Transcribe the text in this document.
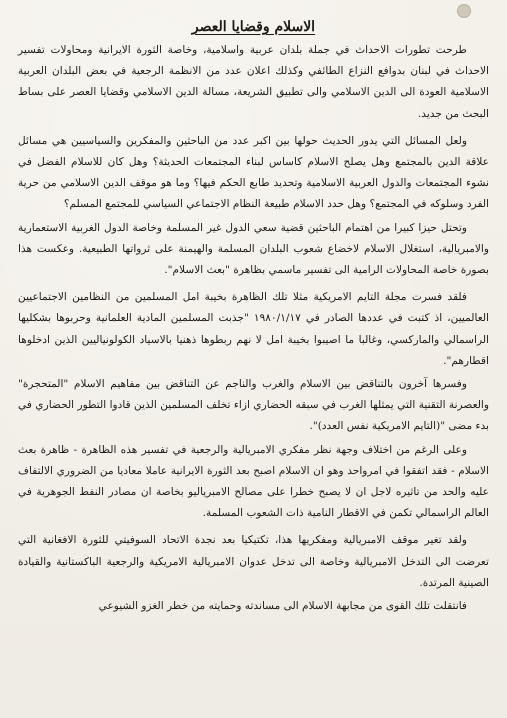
الاسلام وقضايا العصر

طرحت تطورات الاحداث في جملة بلدان عربية واسلامية، وخاصة الثورة الايرانية ومحاولات تفسير الاحداث في لبنان بدوافع النزاع الطائفي وكذلك اعلان عدد من الانظمة الرجعية في بعض البلدان العربية الاسلامية العودة الى الدين الاسلامي والى تطبيق الشريعة، مسالة الدين الاسلامي وقضايا العصر على بساط البحث من جديد.

ولعل المسائل التي يدور الحديث حولها بين اكبر عدد من الباحثين والمفكرين والسياسيين هي مسائل علاقة الدين بالمجتمع وهل يصلح الاسلام كاساس لبناء المجتمعات الحديثة؟ وهل كان للاسلام الفضل في نشوء المجتمعات والدول العربية الاسلامية وتحديد طابع الحكم فيها؟ وما هو موقف الدين الاسلامي من حرية الفرد وسلوكه في المجتمع؟ وهل حدد الاسلام طبيعة النظام الاجتماعي السياسي للمجتمع المسلم؟

وتحتل حيزا كبيرا من اهتمام الباحثين قضية سعي الدول غير المسلمة وخاصة الدول الغربية الاستعمارية والامبريالية، استغلال الاسلام لاخضاع شعوب البلدان المسلمة والهيمنة على ثرواتها الطبيعية. وعكست هذا بصورة خاصة المحاولات الرامية الى تفسير ماسمي بظاهرة "بعث الاسلام".

فلقد فسرت مجلة التايم الامريكية مثلا تلك الظاهرة بخيبة امل المسلمين من النظامين الاجتماعيين العالميين، اذ كتبت في عددها الصادر في ١٩٨٠/١/١٧ "جذبت المسلمين المادية العلمانية وحربوها بشكليها الراسمالي والماركسي، وغالبا ما اصيبوا بخيبة امل لا نهم ربطوها ذهنيا بالاسياد الكولونياليين الذين ادخلوها اقطارهم".

وفسرها آخرون بالتناقض بين الاسلام والغرب والناجم عن التناقض بين مفاهيم الاسلام "المتحجرة" والعصرنة التقنية التي يمثلها الغرب في سبقه الحضاري ازاء تخلف المسلمين الذين قادوا التطور الحضاري في بدء مضى "(التايم الامريكية نفس العدد)".

وعلى الرغم من اختلاف وجهة نظر مفكري الامبريالية والرجعية في تفسير هذه الظاهرة - ظاهرة بعث الاسلام - فقد اتفقوا في امرواحد وهو ان الاسلام اصبح بعد الثورة الايرانية عاملا معاديا من الضروري الالتفاف عليه والحد من تاثيره لاجل ان لا يصبح خطرا على مصالح الامبرياليو بخاصة ان مصادر النفط الجوهرية في العالم الراسمالي تكمن في الاقطار النامية ذات الشعوب المسلمة.

ولقد تغير موقف الامبريالية ومفكريها هذا، تكتيكيا بعد نجدة الاتحاد السوفيتي للثورة الافغانية التي تعرضت الى التدخل الامبريالية وخاصة الى تدخل عدوان الامبريالية الامريكية والرجعية الباكستانية والقيادة الصينية المرتدة.

فانتقلت تلك القوى من مجابهة الاسلام الى مساندته وحمايته من خطر الغزو الشيوعي
